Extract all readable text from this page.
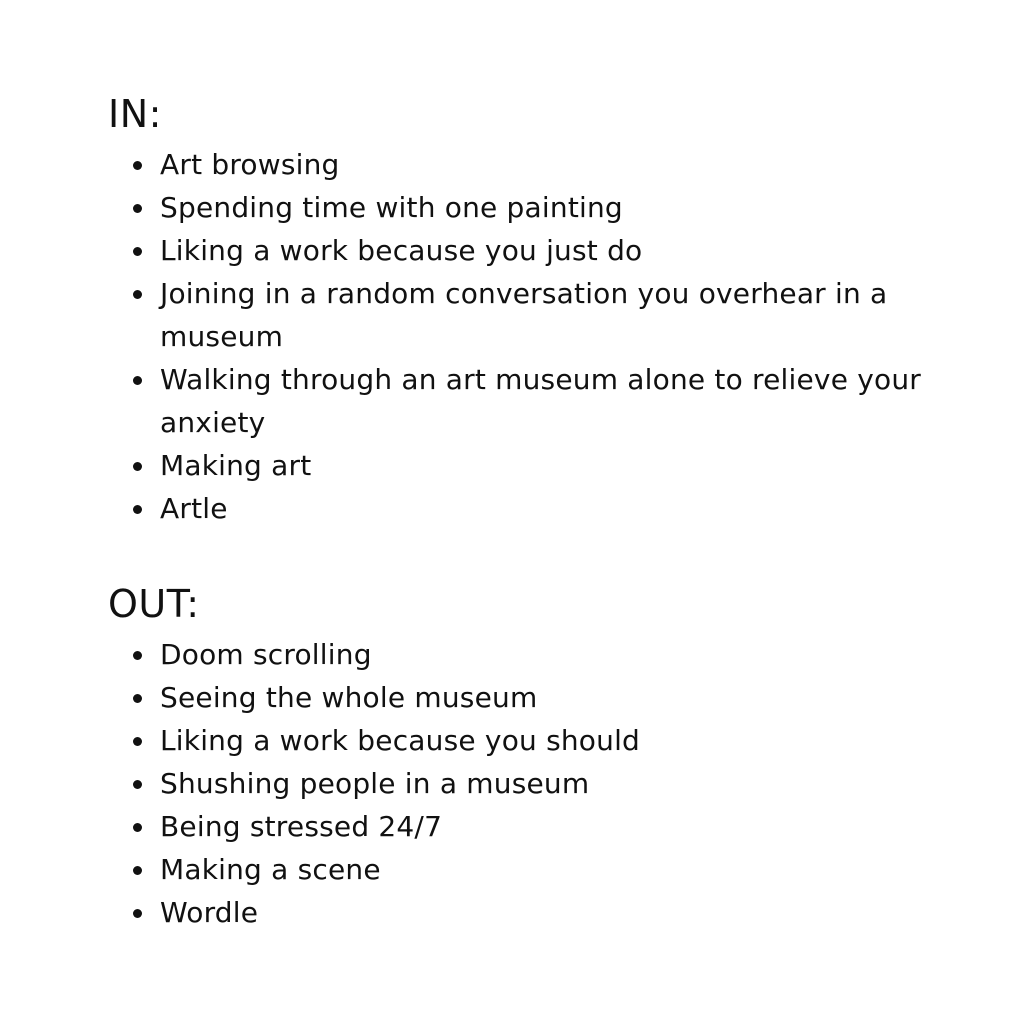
IN:
Art browsing
Spending time with one painting
Liking a work because you just do
Joining in a random conversation you overhear in a museum
Walking through an art museum alone to relieve your anxiety
Making art
Artle
OUT:
Doom scrolling
Seeing the whole museum
Liking a work because you should
Shushing people in a museum
Being stressed 24/7
Making a scene
Wordle
